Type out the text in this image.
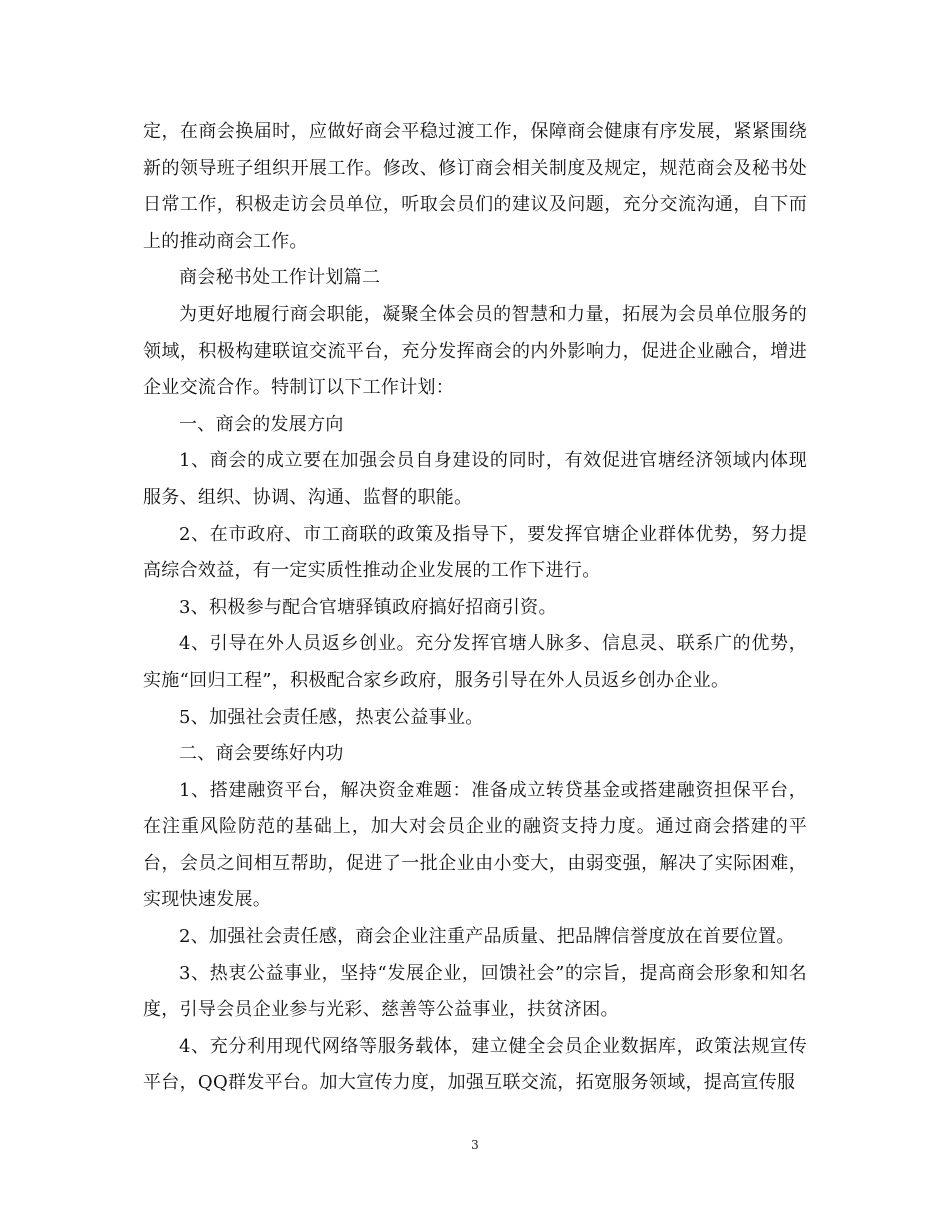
定，在商会换届时，应做好商会平稳过渡工作，保障商会健康有序发展，紧紧围绕新的领导班子组织开展工作。修改、修订商会相关制度及规定，规范商会及秘书处日常工作，积极走访会员单位，听取会员们的建议及问题，充分交流沟通，自下而上的推动商会工作。

商会秘书处工作计划篇二

为更好地履行商会职能，凝聚全体会员的智慧和力量，拓展为会员单位服务的领域，积极构建联谊交流平台，充分发挥商会的内外影响力，促进企业融合，增进企业交流合作。特制订以下工作计划：

一、商会的发展方向

1、商会的成立要在加强会员自身建设的同时，有效促进官塘经济领域内体现服务、组织、协调、沟通、监督的职能。

2、在市政府、市工商联的政策及指导下，要发挥官塘企业群体优势，努力提高综合效益，有一定实质性推动企业发展的工作下进行。

3、积极参与配合官塘驿镇政府搞好招商引资。

4、引导在外人员返乡创业。充分发挥官塘人脉多、信息灵、联系广的优势，实施“回归工程”，积极配合家乡政府，服务引导在外人员返乡创办企业。

5、加强社会责任感，热衷公益事业。

二、商会要练好内功

1、搭建融资平台，解决资金难题：准备成立转贷基金或搭建融资担保平台，在注重风险防范的基础上，加大对会员企业的融资支持力度。通过商会搭建的平台，会员之间相互帮助，促进了一批企业由小变大，由弱变强，解决了实际困难，实现快速发展。

2、加强社会责任感，商会企业注重产品质量、把品牌信誉度放在首要位置。

3、热衷公益事业，坚持“发展企业，回馈社会”的宗旨，提高商会形象和知名度，引导会员企业参与光彩、慈善等公益事业，扶贫济困。

4、充分利用现代网络等服务载体，建立健全会员企业数据库，政策法规宣传平台，QQ群发平台。加大宣传力度，加强互联交流，拓宽服务领域，提高宣传服

3
